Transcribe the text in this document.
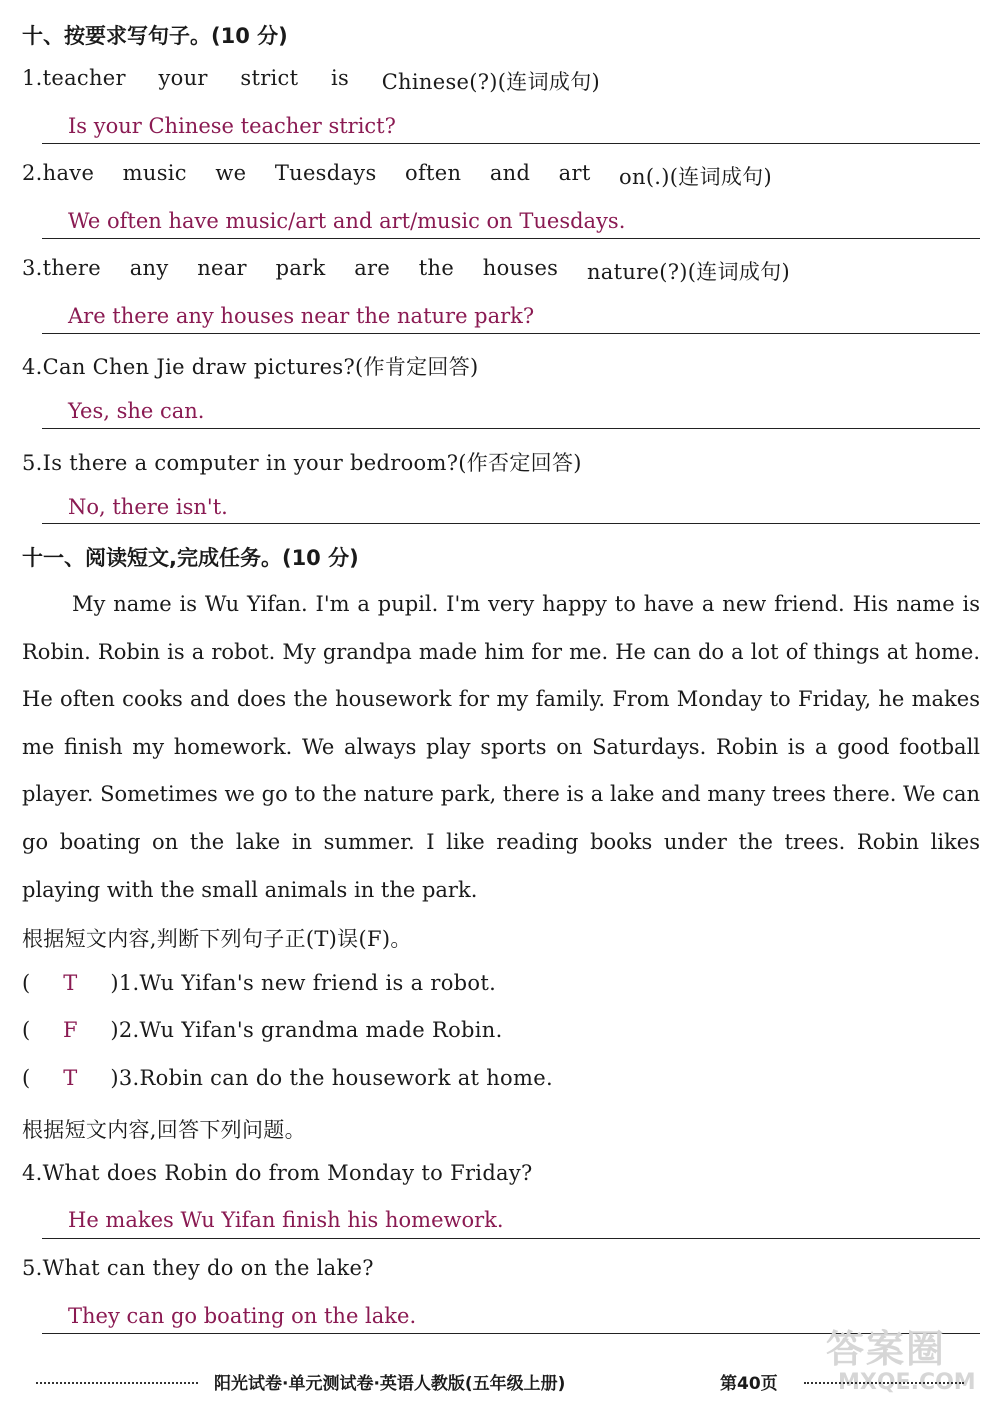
十、按要求写句子。(10 分)
1.teacher your strict is Chinese(?)(连词成句)
Is your Chinese teacher strict?
2.have music we Tuesdays often and art on(.)(连词成句)
We often have music/art and art/music on Tuesdays.
3.there any near park are the houses nature(?)(连词成句)
Are there any houses near the nature park?
4.Can Chen Jie draw pictures?(作肯定回答)
Yes, she can.
5.Is there a computer in your bedroom?(作否定回答)
No, there isn't.
十一、阅读短文,完成任务。(10 分)

My name is Wu Yifan. I'm a pupil. I'm very happy to have a new friend. His name is Robin. Robin is a robot. My grandpa made him for me. He can do a lot of things at home. He often cooks and does the housework for my family. From Monday to Friday, he makes me finish my homework. We always play sports on Saturdays. Robin is a good football player. Sometimes we go to the nature park, there is a lake and many trees there. We can go boating on the lake in summer. I like reading books under the trees. Robin likes playing with the small animals in the park.

根据短文内容,判断下列句子正(T)误(F)。
( T )1.Wu Yifan's new friend is a robot.
( F )2.Wu Yifan's grandma made Robin.
( T )3.Robin can do the housework at home.
根据短文内容,回答下列问题。
4.What does Robin do from Monday to Friday?
He makes Wu Yifan finish his homework.
5.What can they do on the lake?
They can go boating on the lake.
答案圈
MXQE.COM
阳光试卷·单元测试卷·英语人教版(五年级上册)	第40页
